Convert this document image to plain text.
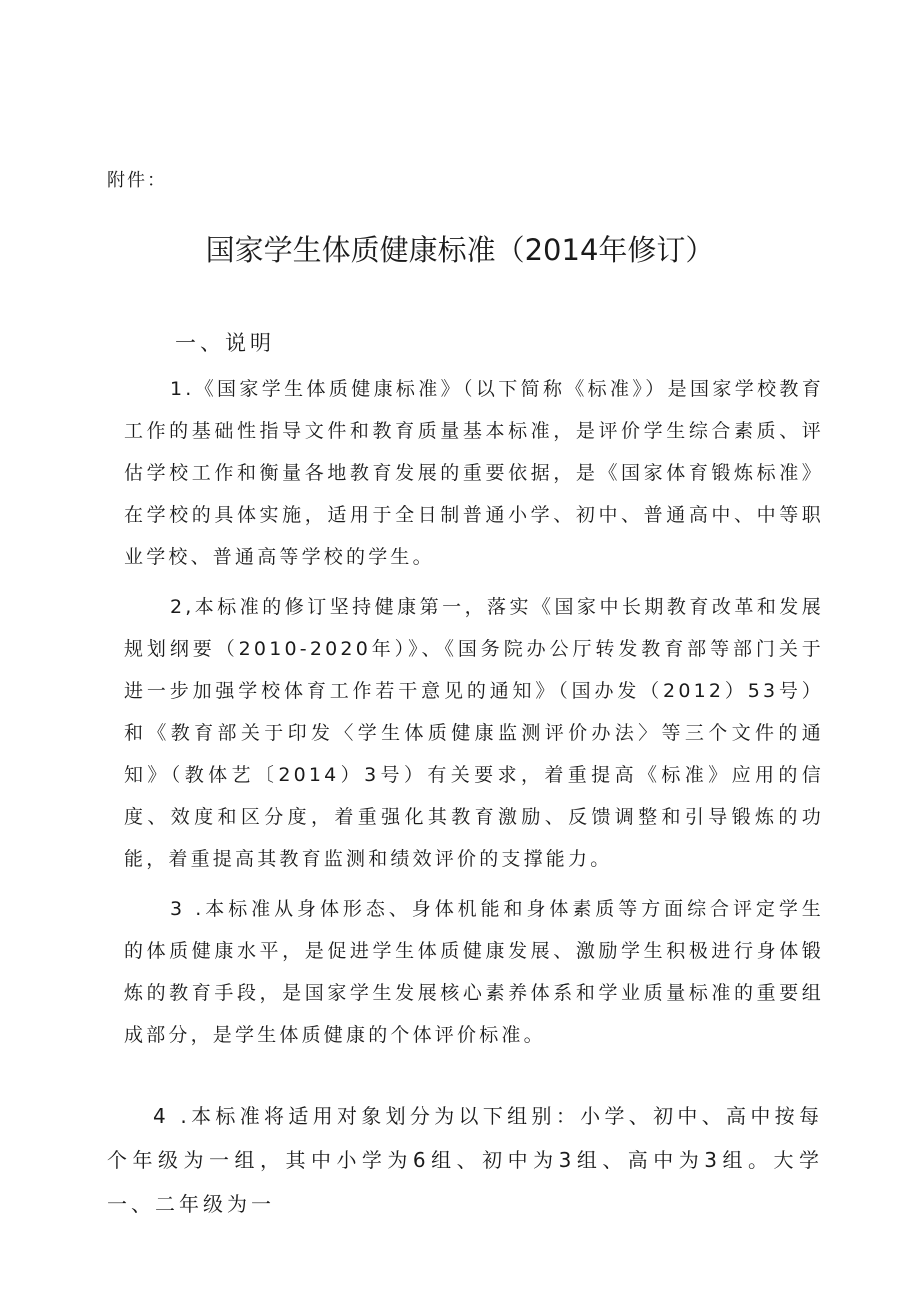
附件：
国家学生体质健康标准（2014年修订）
一、说明

1.《国家学生体质健康标准》（以下简称《标准》）是国家学校教育工作的基础性指导文件和教育质量基本标准，是评价学生综合素质、评估学校工作和衡量各地教育发展的重要依据，是《国家体育锻炼标准》在学校的具体实施，适用于全日制普通小学、初中、普通高中、中等职业学校、普通高等学校的学生。

2,本标准的修订坚持健康第一，落实《国家中长期教育改革和发展规划纲要（2010-2020年）》、《国务院办公厅转发教育部等部门关于进一步加强学校体育工作若干意见的通知》（国办发（2012）53号）和《教育部关于印发〈学生体质健康监测评价办法〉等三个文件的通知》（教体艺〔2014）3号）有关要求，着重提高《标准》应用的信度、效度和区分度，着重强化其教育激励、反馈调整和引导锻炼的功能，着重提高其教育监测和绩效评价的支撑能力。

3 .本标准从身体形态、身体机能和身体素质等方面综合评定学生的体质健康水平，是促进学生体质健康发展、激励学生积极进行身体锻炼的教育手段，是国家学生发展核心素养体系和学业质量标准的重要组成部分，是学生体质健康的个体评价标准。

4 .本标准将适用对象划分为以下组别：小学、初中、高中按每个年级为一组，其中小学为6组、初中为3组、高中为3组。大学一、二年级为一
